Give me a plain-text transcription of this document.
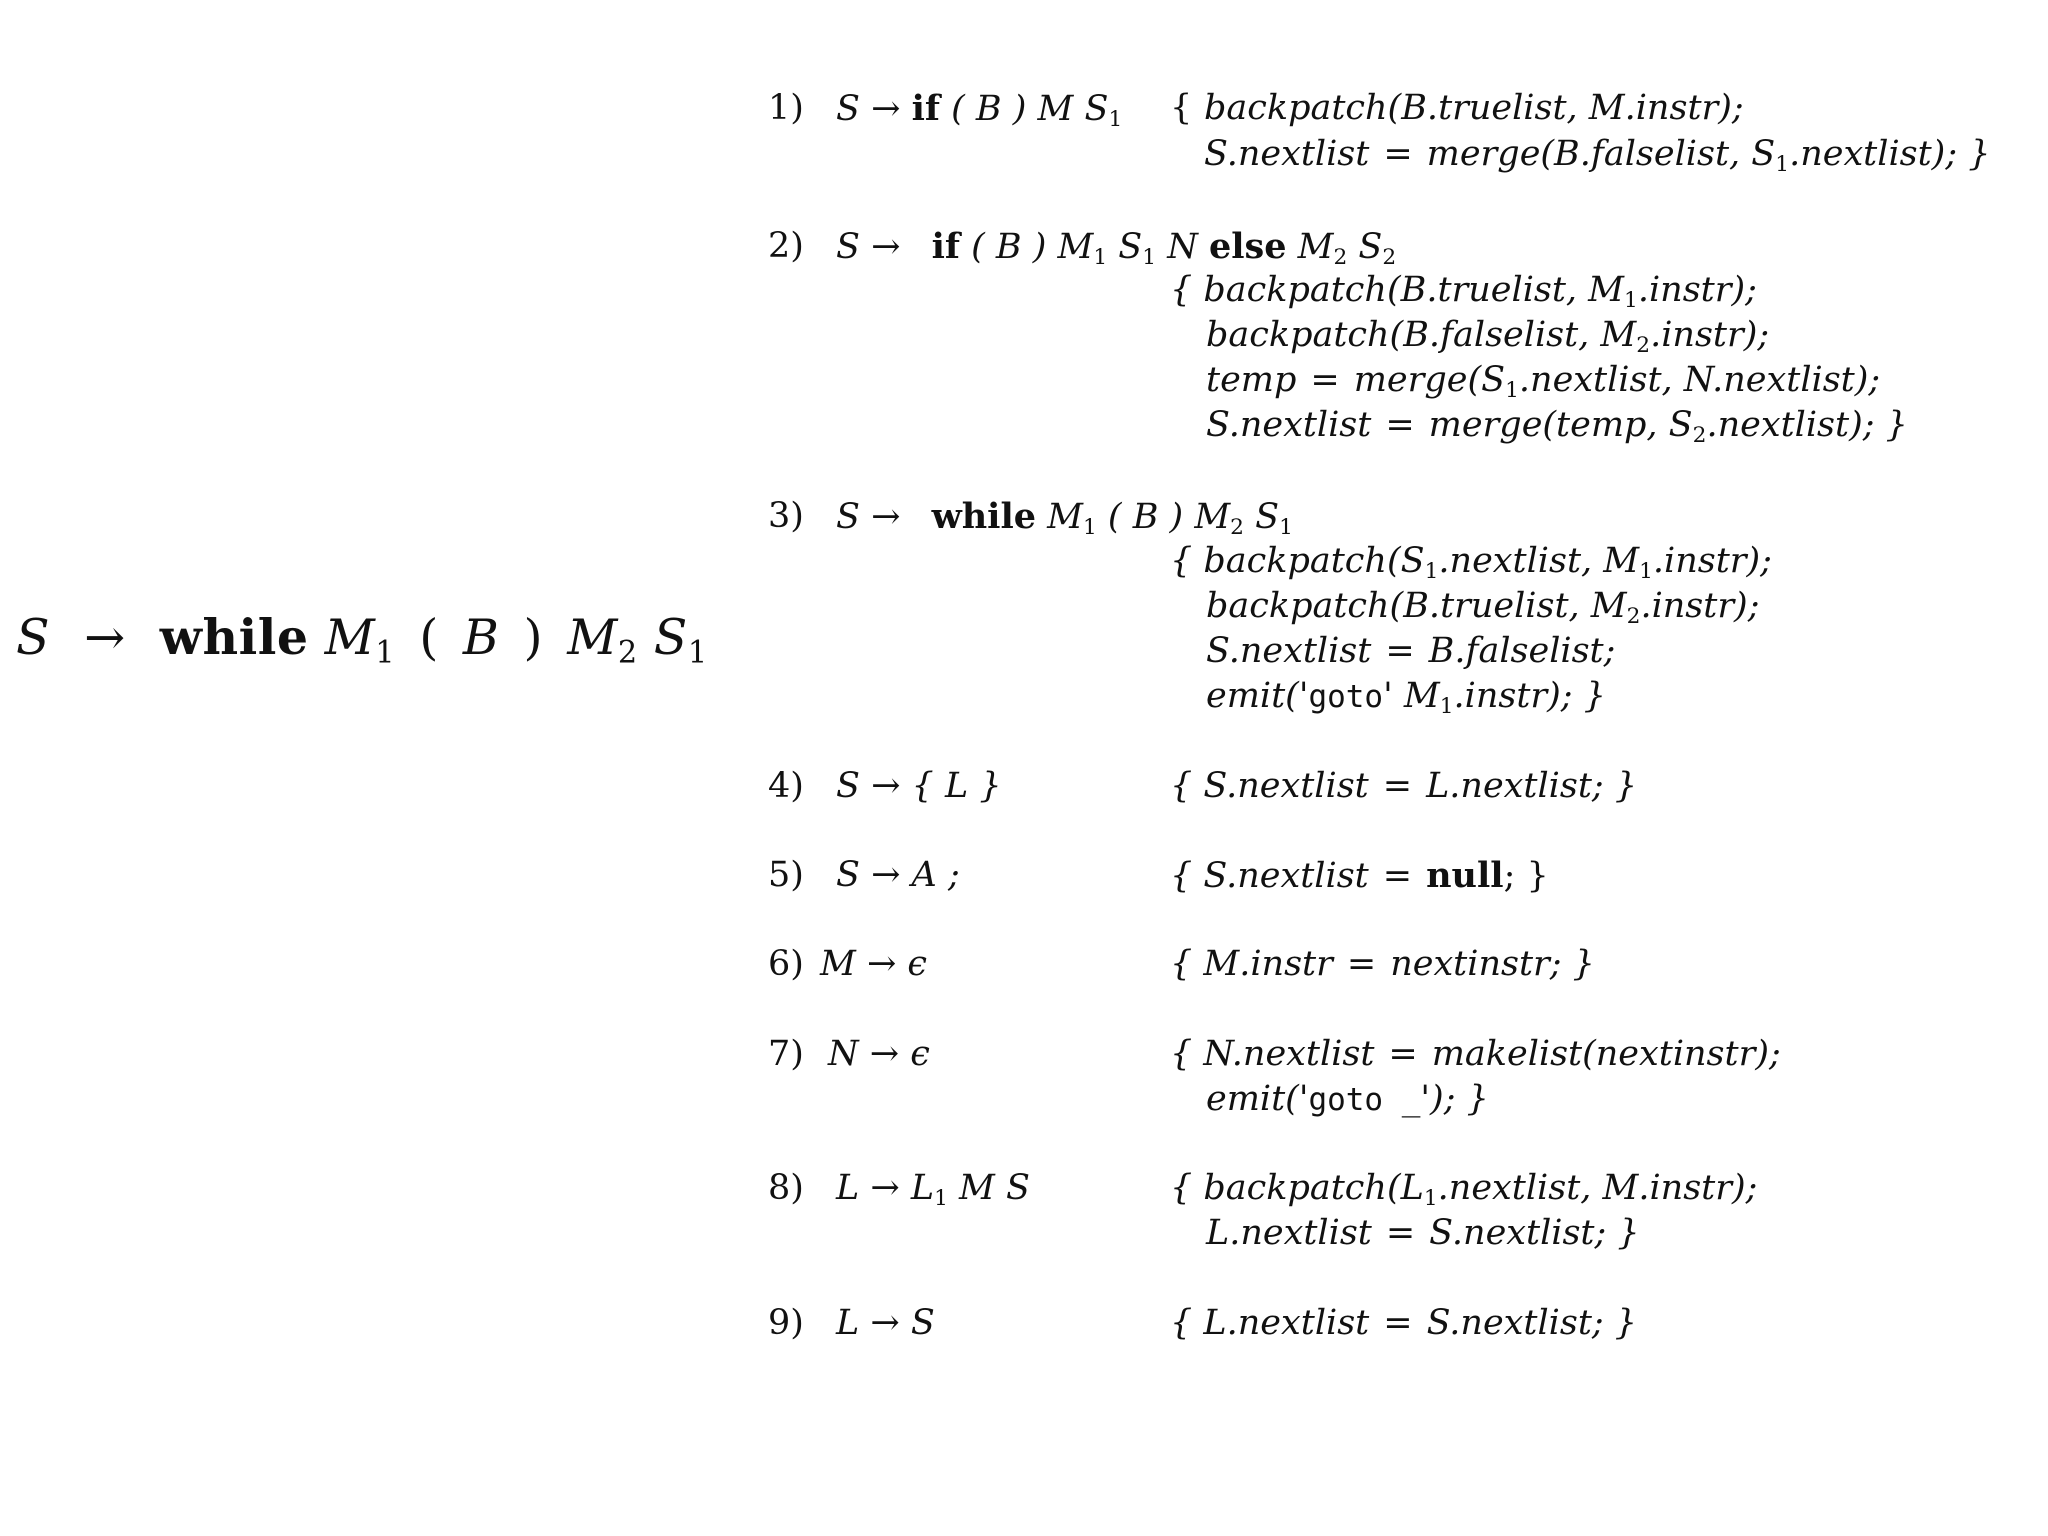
S → while $M_1$ ( B ) $M_2$ $S_1$
1) S → if ( B ) M $S_1$ { backpatch(B.truelist, M.instr);
S.nextlist = merge(B.falselist, $S_1.nextlist$); }
2) S → if ( B ) $M_1$ $S_1$ N else $M_2$ $S_2$
{ backpatch(B.truelist, $M_1.instr$);
backpatch(B.falselist, $M_2.instr$);
temp = $merge(S_1.nextlist$, N.nextlist);
S.nextlist = merge(temp, $S_2.nextlist$); }
3) S → while $M_1$ ( B ) $M_2$ $S_1$
{ $backpatch(S_1.nextlist$, $M_1.instr$);
backpatch(B.truelist, $M_2.instr$);
S.nextlist = B.falselist;
emit('goto' $M_1.instr$); }
4) S → { L }	{ S.nextlist = L.nextlist; }
5) S → A ;	{ S.nextlist = null; }
6) M → ϵ	{ M.instr = nextinstr; }
7) N → ϵ	{ N.nextlist = makelist(nextinstr);
emit('goto _'); }
8) $L \to L_1$ M S	{ $backpatch(L_1.nextlist$, M.instr);
L.nextlist = S.nextlist; }
9) L → S	{ L.nextlist = S.nextlist; }
